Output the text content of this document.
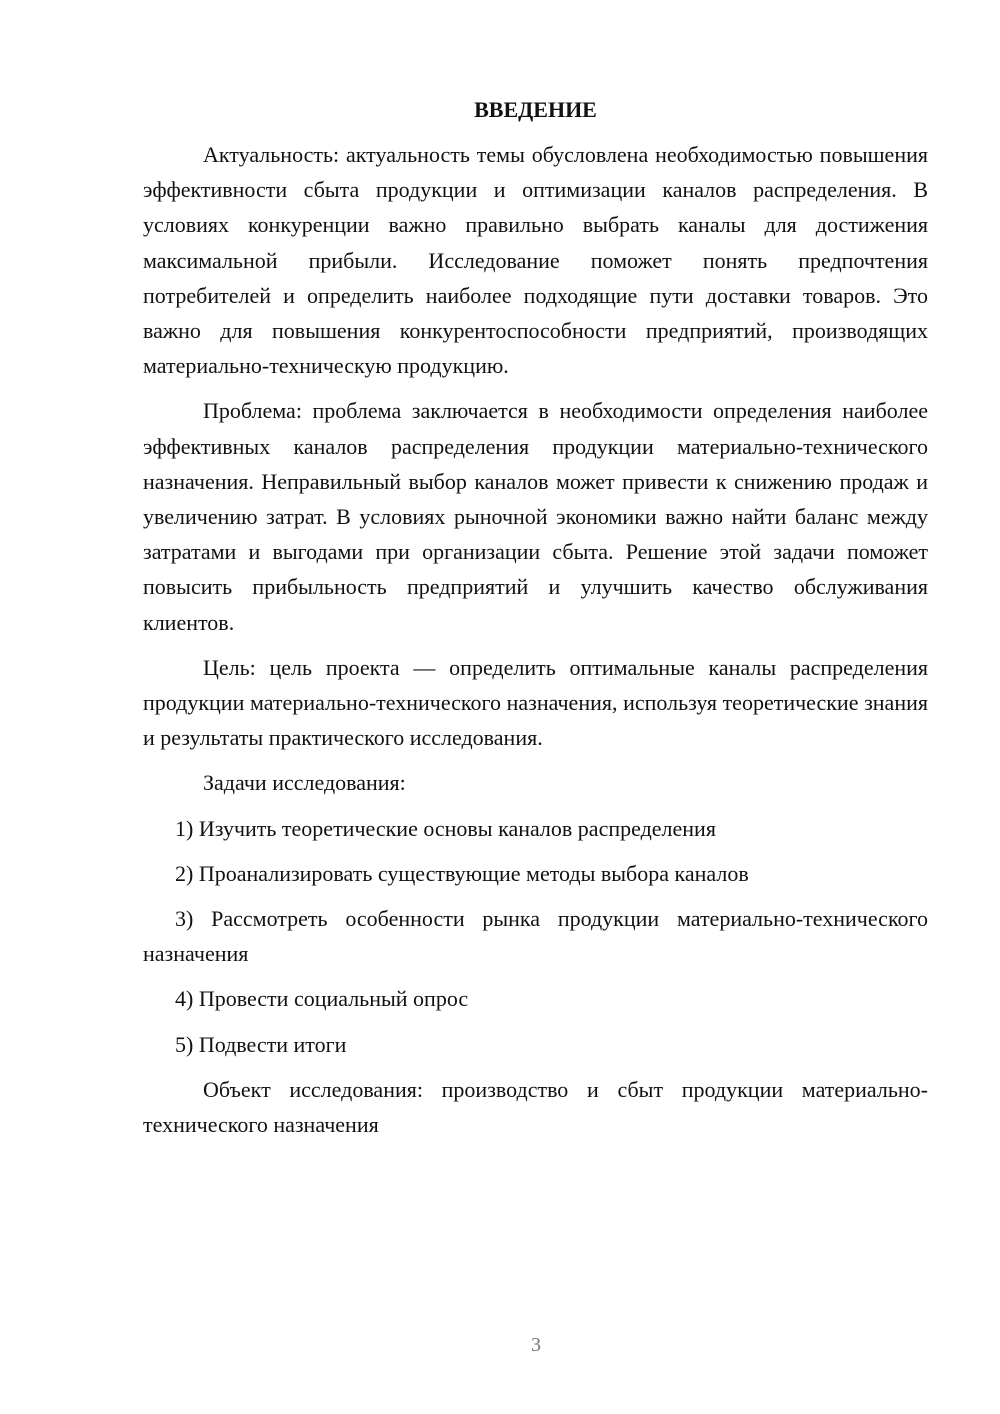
ВВЕДЕНИЕ

Актуальность: актуальность темы обусловлена необходимостью повышения эффективности сбыта продукции и оптимизации каналов распределения. В условиях конкуренции важно правильно выбрать каналы для достижения максимальной прибыли. Исследование поможет понять предпочтения потребителей и определить наиболее подходящие пути доставки товаров. Это важно для повышения конкурентоспособности предприятий, производящих материально-техническую продукцию.

Проблема: проблема заключается в необходимости определения наиболее эффективных каналов распределения продукции материально-технического назначения. Неправильный выбор каналов может привести к снижению продаж и увеличению затрат. В условиях рыночной экономики важно найти баланс между затратами и выгодами при организации сбыта. Решение этой задачи поможет повысить прибыльность предприятий и улучшить качество обслуживания клиентов.

Цель: цель проекта — определить оптимальные каналы распределения продукции материально-технического назначения, используя теоретические знания и результаты практического исследования.

Задачи исследования:

1) Изучить теоретические основы каналов распределения

2) Проанализировать существующие методы выбора каналов

3) Рассмотреть особенности рынка продукции материально-технического назначения

4) Провести социальный опрос

5) Подвести итоги

Объект исследования: производство и сбыт продукции материально-технического назначения

3
